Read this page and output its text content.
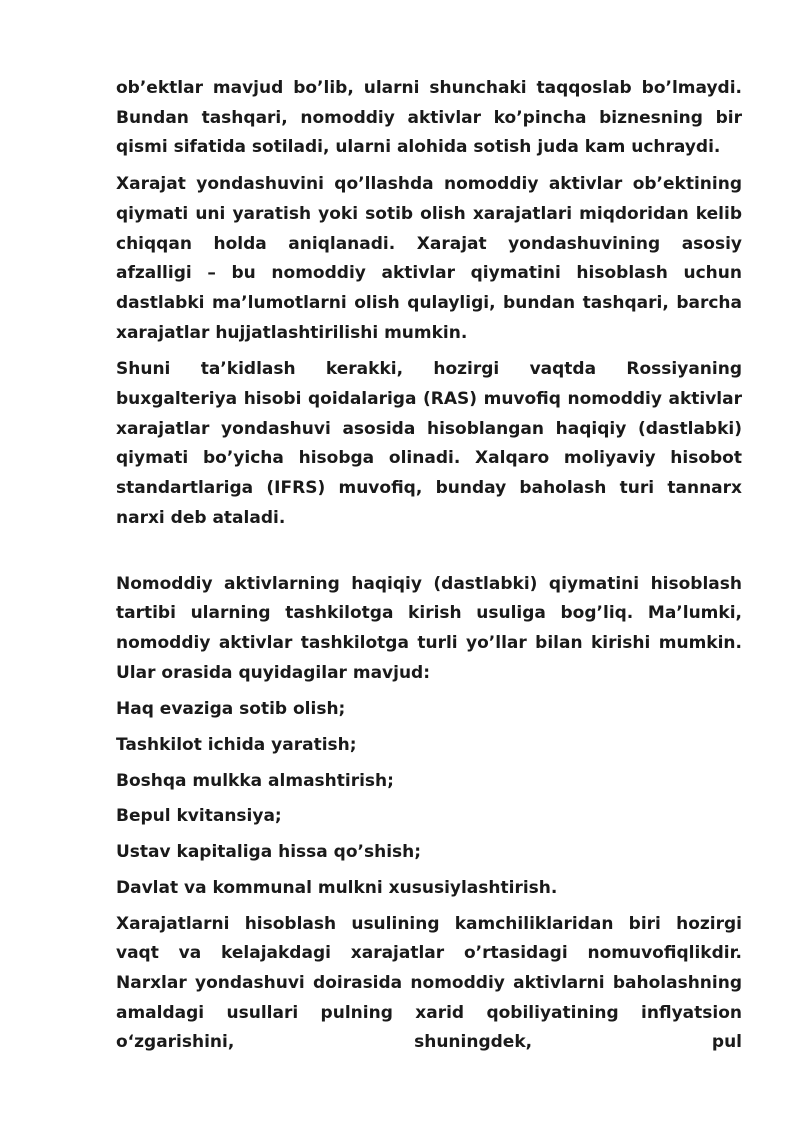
ob’ektlar mavjud bo’lib, ularni shunchaki taqqoslab bo’lmaydi. Bundan tashqari, nomoddiy aktivlar ko’pincha biznesning bir qismi sifatida sotiladi, ularni alohida sotish juda kam uchraydi.

Xarajat yondashuvini qo’llashda nomoddiy aktivlar ob’ektining qiymati uni yaratish yoki sotib olish xarajatlari miqdoridan kelib chiqqan holda aniqlanadi. Xarajat yondashuvining asosiy afzalligi – bu nomoddiy aktivlar qiymatini hisoblash uchun dastlabki ma’lumotlarni olish qulayligi, bundan tashqari, barcha xarajatlar hujjatlashtirilishi mumkin.

Shuni ta’kidlash kerakki, hozirgi vaqtda Rossiyaning buxgalteriya hisobi qoidalariga (RAS) muvofiq nomoddiy aktivlar xarajatlar yondashuvi asosida hisoblangan haqiqiy (dastlabki) qiymati bo’yicha hisobga olinadi. Xalqaro moliyaviy hisobot standartlariga (IFRS) muvofiq, bunday baholash turi tannarx narxi deb ataladi.

Nomoddiy aktivlarning haqiqiy (dastlabki) qiymatini hisoblash tartibi ularning tashkilotga kirish usuliga bog’liq. Ma’lumki, nomoddiy aktivlar tashkilotga turli yo’llar bilan kirishi mumkin. Ular orasida quyidagilar mavjud:

Haq evaziga sotib olish;

Tashkilot ichida yaratish;

Boshqa mulkka almashtirish;

Bepul kvitansiya;

Ustav kapitaliga hissa qo’shish;

Davlat va kommunal mulkni xususiylashtirish.

Xarajatlarni hisoblash usulining kamchiliklaridan biri hozirgi vaqt va kelajakdagi xarajatlar o’rtasidagi nomuvofiqlikdir. Narxlar yondashuvi doirasida nomoddiy aktivlarni baholashning amaldagi usullari pulning xarid qobiliyatining inflyatsion o‘zgarishini, shuningdek, pul
